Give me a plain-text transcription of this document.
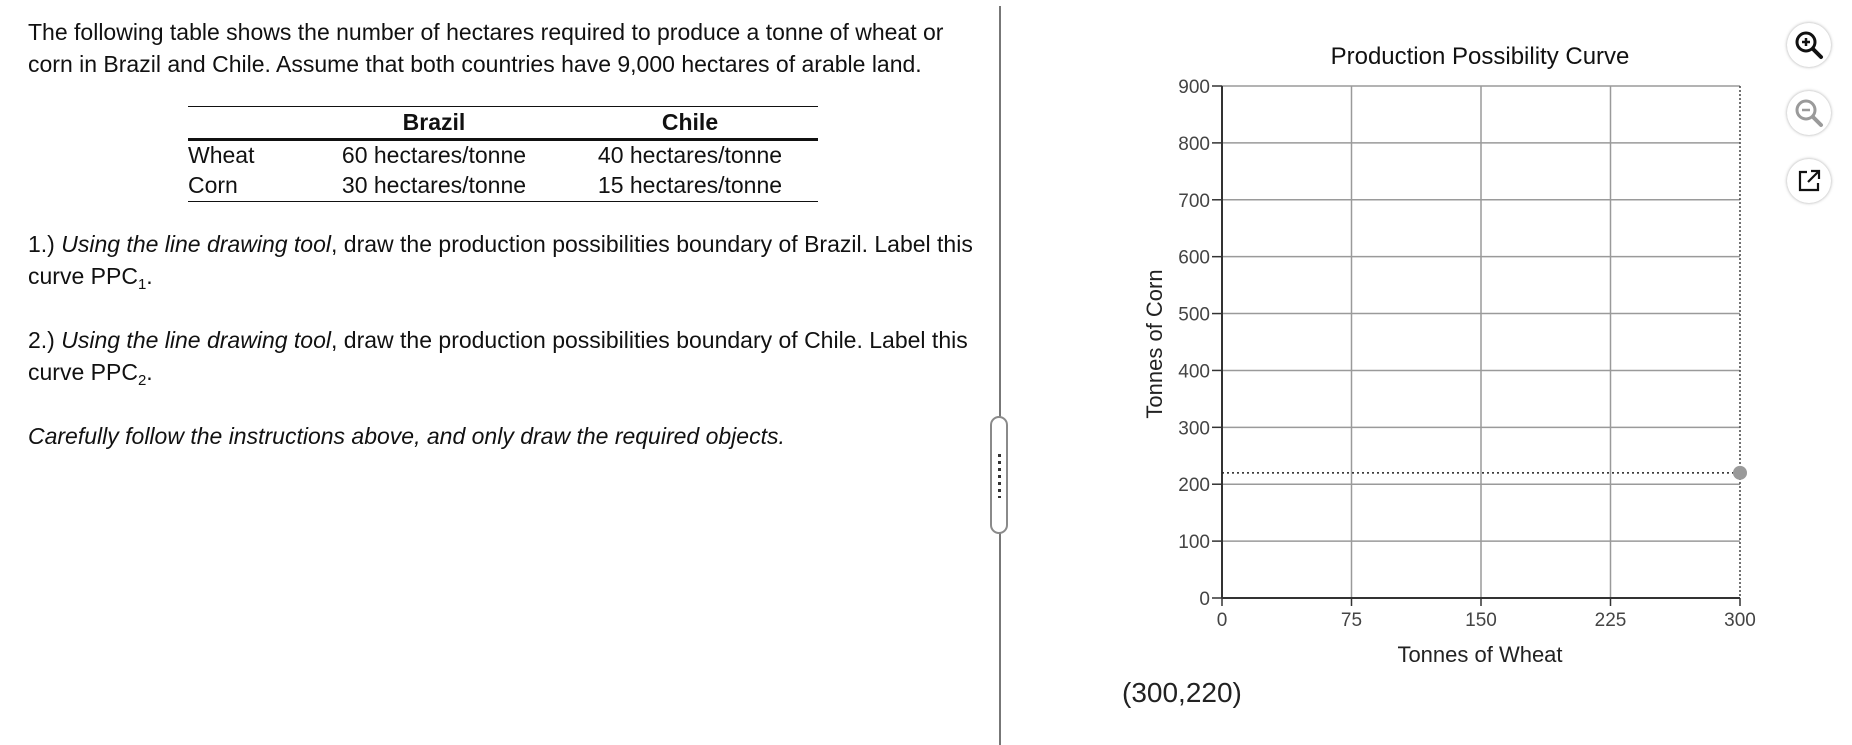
The following table shows the number of hectares required to produce a tonne of wheat or corn in Brazil and Chile. Assume that both countries have 9,000 hectares of arable land.

	Brazil	Chile
Wheat	60 hectares/tonne	40 hectares/tonne
Corn	30 hectares/tonne	15 hectares/tonne

1.) Using the line drawing tool, draw the production possibilities boundary of Brazil. Label this curve $PPC_1$.

2.) Using the line drawing tool, draw the production possibilities boundary of Chile. Label this curve $PPC_2$.

Carefully follow the instructions above, and only draw the required objects.

Production Possibility Curve
0
100
200
300
400
500
600
700
800
900
0	75	150	225	300
Tonnes of Wheat
Tonnes of Corn
(300,220)
